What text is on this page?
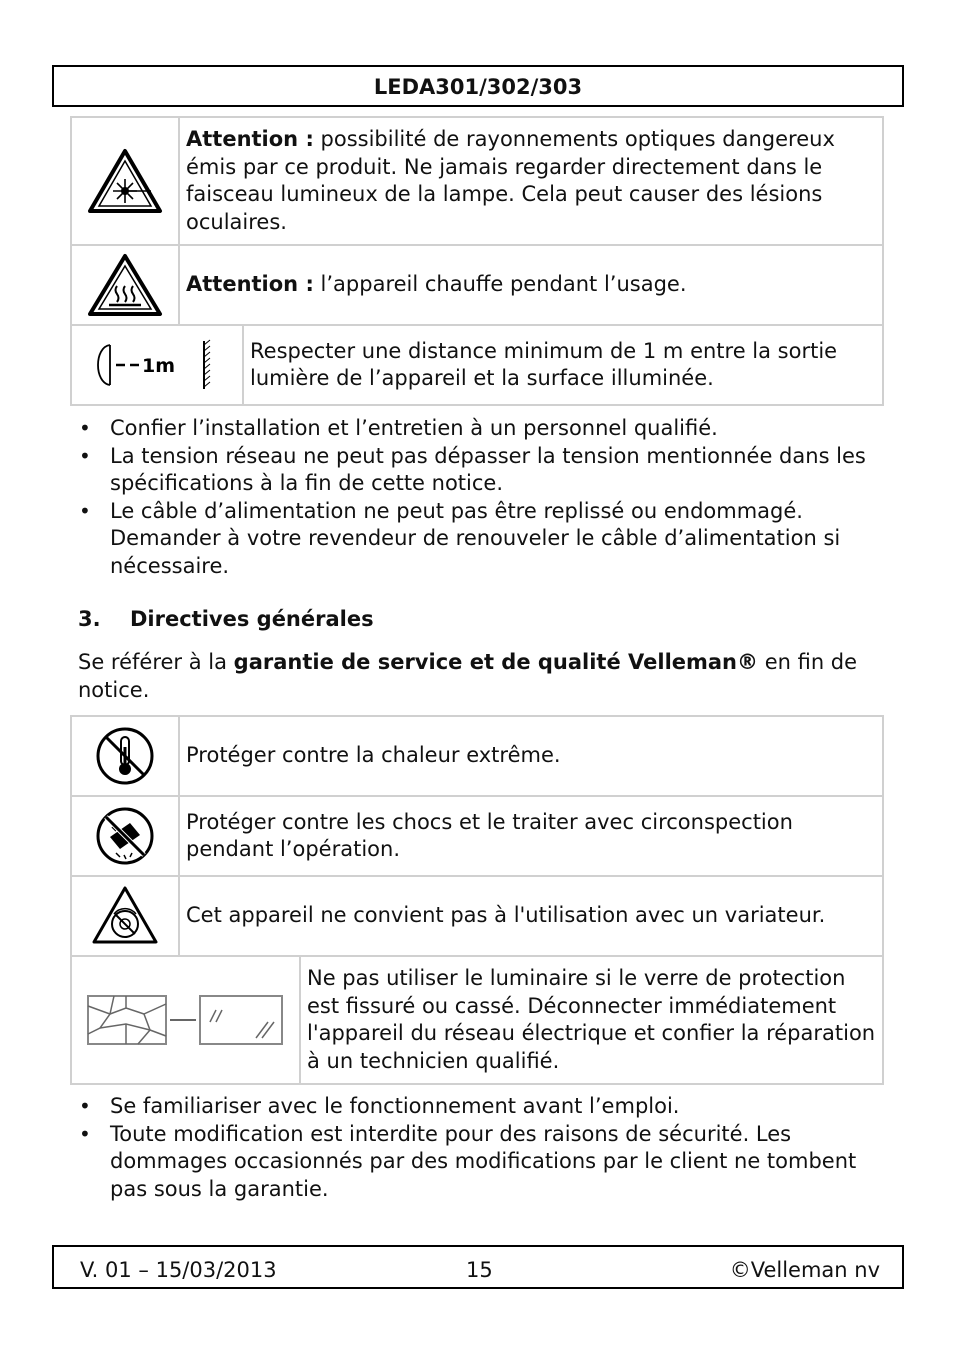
LEDA301/302/303
	Attention : possibilité de rayonnements optiques dangereux émis par ce produit. Ne jamais regarder directement dans le faisceau lumineux de la lampe. Cela peut causer des lésions oculaires.	

	Attention : l’appareil chauffe pendant l’usage.	

1m		Respecter une distance minimum de 1 m entre la sortie lumière de l’appareil et la surface illuminée.
• Confier l’installation et l’entretien à un personnel qualifié.
• La tension réseau ne peut pas dépasser la tension mentionnée dans les spécifications à la fin de cette notice.
• Le câble d’alimentation ne peut pas être replissé ou endommagé. Demander à votre revendeur de renouveler le câble d’alimentation si nécessaire.
3. Directives générales
Se référer à la garantie de service et de qualité Velleman® en fin de notice.
	Protéger contre la chaleur extrême.	

	Protéger contre les chocs et le traiter avec circonspection pendant l’opération.	

	Cet appareil ne convient pas à l'utilisation avec un variateur.	

	Ne pas utiliser le luminaire si le verre de protection est fissuré ou cassé. Déconnecter immédiatement l'appareil du réseau électrique et confier la réparation à un technicien qualifié.
• Se familiariser avec le fonctionnement avant l’emploi.
• Toute modification est interdite pour des raisons de sécurité. Les dommages occasionnés par des modifications par le client ne tombent pas sous la garantie.
V. 01 – 15/03/2013	15	©Velleman nv
